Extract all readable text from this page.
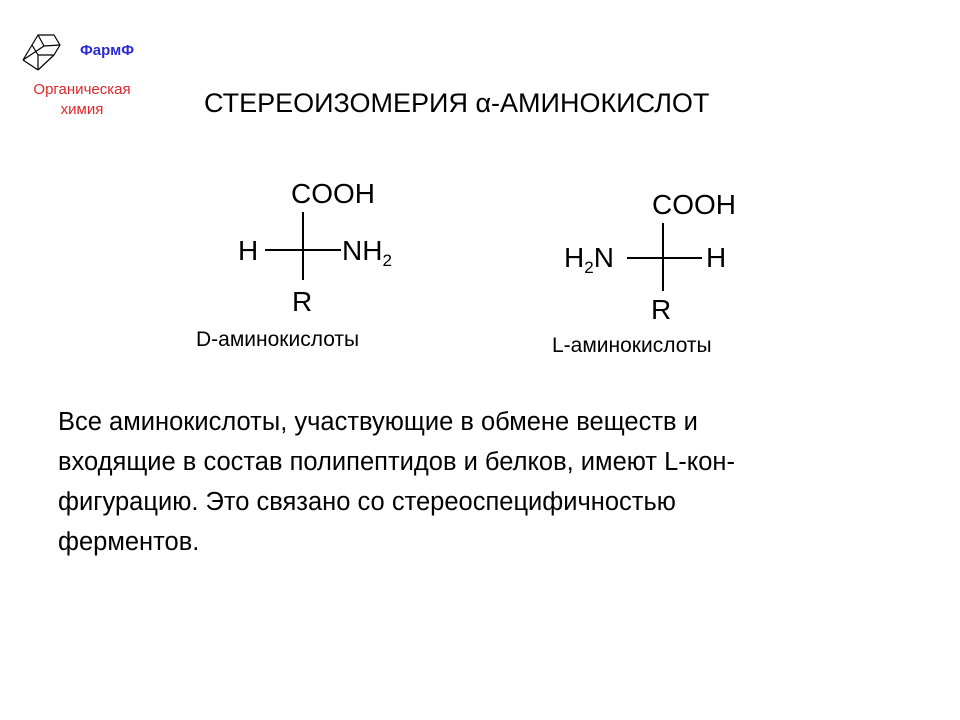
ФармФ
Органическая
химия	СТЕРЕОИЗОМЕРИЯ α-АМИНОКИСЛОТ
COOH
H	$NH_2$
R
D-аминокислоты
COOH
$H_2N$	H
R
L-аминокислоты

Все аминокислоты, участвующие в обмене веществ и
входящие в состав полипептидов и белков, имеют L-кон-
фигурацию. Это связано со стереоспецифичностью
ферментов.
